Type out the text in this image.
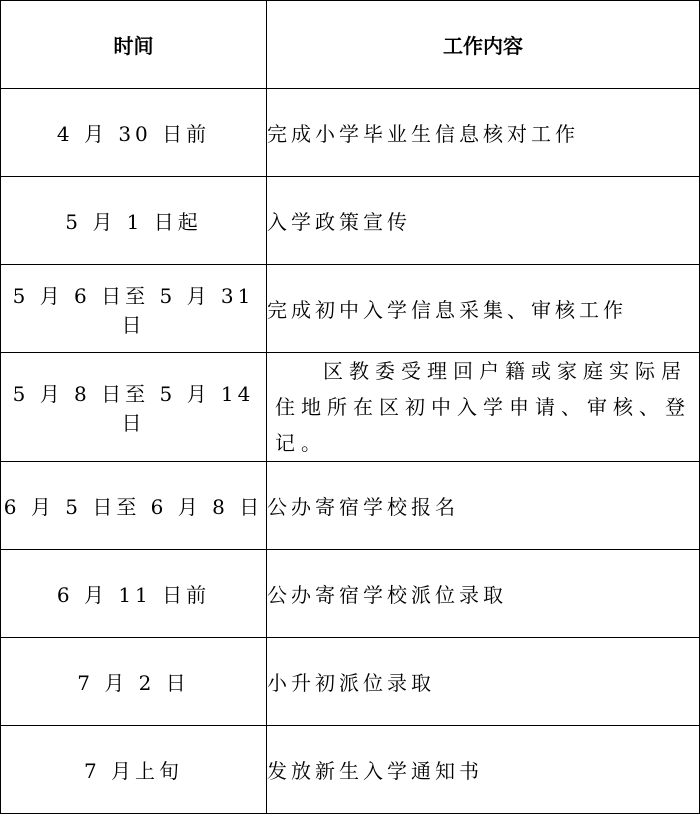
时间	工作内容
4 月 30 日前	完成小学毕业生信息核对工作
5 月 1 日起	入学政策宣传
5 月 6 日至 5 月 31 日	完成初中入学信息采集、审核工作
5 月 8 日至 5 月 14 日	区教委受理回户籍或家庭实际居住地所在区初中入学申请、审核、登记。
6 月 5 日至 6 月 8 日	公办寄宿学校报名
6 月 11 日前	公办寄宿学校派位录取
7 月 2 日	小升初派位录取
7 月上旬	发放新生入学通知书
